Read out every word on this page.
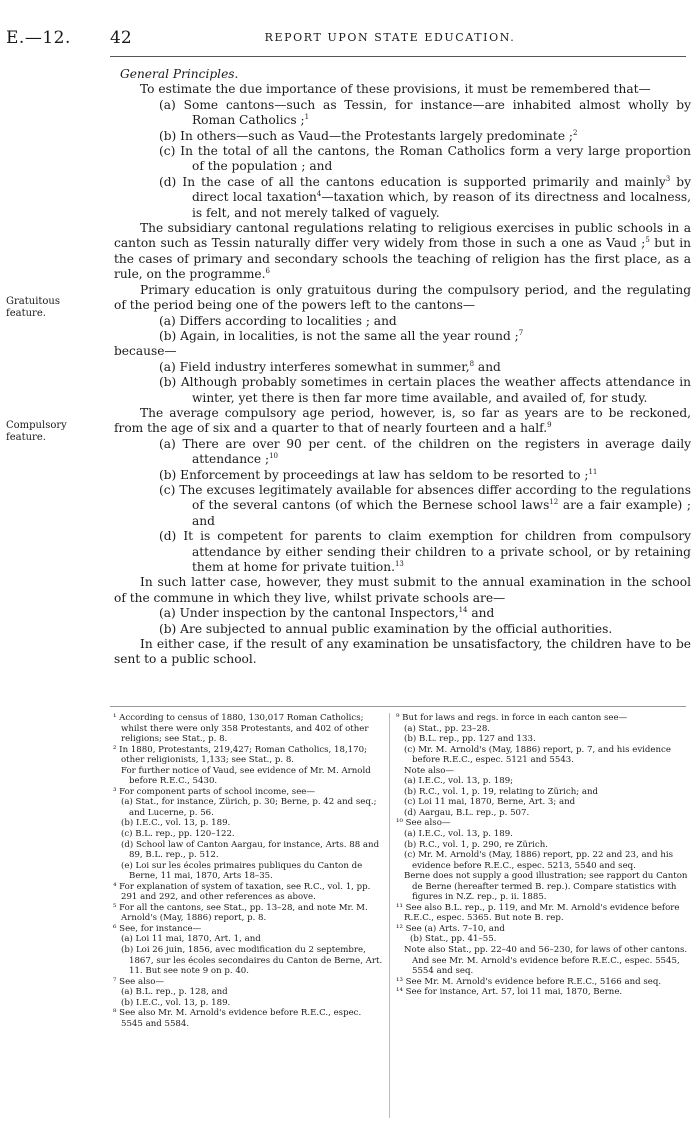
E.—12. 42	REPORT UPON STATE EDUCATION.
Gratuitous feature.
Compulsory feature.

General Principles.

To estimate the due importance of these provisions, it must be remembered that—

(a) Some cantons—such as Tessin, for instance—are inhabited almost wholly by Roman Catholics ;$^1$

(b) In others—such as Vaud—the Protestants largely predominate ;$^2$

(c) In the total of all the cantons, the Roman Catholics form a very large proportion of the population ; and

(d) In the case of all the cantons education is supported primarily and mainly$^3$ by direct local taxation$^4$—taxation which, by reason of its directness and localness, is felt, and not merely talked of vaguely.

The subsidiary cantonal regulations relating to religious exercises in public schools in a canton such as Tessin naturally differ very widely from those in such a one as Vaud ;$^5$ but in the cases of primary and secondary schools the teaching of religion has the first place, as a rule, on the programme.$^6$

Primary education is only gratuitous during the compulsory period, and the regulating of the period being one of the powers left to the cantons—

(a) Differs according to localities ; and

(b) Again, in localities, is not the same all the year round ;$^7$

because—

(a) Field industry interferes somewhat in summer,$^8$ and

(b) Although probably sometimes in certain places the weather affects attendance in winter, yet there is then far more time available, and availed of, for study.

The average compulsory age period, however, is, so far as years are to be reckoned, from the age of six and a quarter to that of nearly fourteen and a half.$^9$

(a) There are over 90 per cent. of the children on the registers in average daily attendance ;$^{10}$

(b) Enforcement by proceedings at law has seldom to be resorted to ;$^{11}$

(c) The excuses legitimately available for absences differ according to the regulations of the several cantons (of which the Bernese school laws$^{12}$ are a fair example) ; and

(d) It is competent for parents to claim exemption for children from compulsory attendance by either sending their children to a private school, or by retaining them at home for private tuition.$^{13}$

In such latter case, however, they must submit to the annual examination in the school of the commune in which they live, whilst private schools are—

(a) Under inspection by the cantonal Inspectors,$^{14}$ and

(b) Are subjected to annual public examination by the official authorities.

In either case, if the result of any examination be unsatisfactory, the children have to be sent to a public school.

¹ According to census of 1880, 130,017 Roman Catholics; whilst there were only 358 Protestants, and 402 of other religions; see Stat., p. 8.

² In 1880, Protestants, 219,427; Roman Catholics, 18,170; other religionists, 1,133; see Stat., p. 8.

For further notice of Vaud, see evidence of Mr. M. Arnold before R.E.C., 5430.

³ For component parts of school income, see—

(a) Stat., for instance, Zürich, p. 30; Berne, p. 42 and seq.; and Lucerne, p. 56.

(b) I.E.C., vol. 13, p. 189.

(c) B.L. rep., pp. 120–122.

(d) School law of Canton Aargau, for instance, Arts. 88 and 89, B.L. rep., p. 512.

(e) Loi sur les écoles primaires publiques du Canton de Berne, 11 mai, 1870, Arts 18–35.

⁴ For explanation of system of taxation, see R.C., vol. 1, pp. 291 and 292, and other references as above.

⁵ For all the cantons, see Stat., pp. 13–28, and note Mr. M. Arnold's (May, 1886) report, p. 8.

⁶ See, for instance—

(a) Loi 11 mai, 1870, Art. 1, and

(b) Loi 26 juin, 1856, avec modification du 2 septembre, 1867, sur les écoles secondaires du Canton de Berne, Art. 11. But see note 9 on p. 40.

⁷ See also—

(a) B.L. rep., p. 128, and

(b) I.E.C., vol. 13, p. 189.

⁸ See also Mr. M. Arnold's evidence before R.E.C., espec. 5545 and 5584.

⁹ But for laws and regs. in force in each canton see—

(a) Stat., pp. 23–28.

(b) B.L. rep., pp. 127 and 133.

(c) Mr. M. Arnold's (May, 1886) report, p. 7, and his evidence before R.E.C., espec. 5121 and 5543.

Note also—

(a) I.E.C., vol. 13, p. 189;

(b) R.C., vol. 1, p. 19, relating to Zürich; and

(c) Loi 11 mai, 1870, Berne, Art. 3; and

(d) Aargau, B.L. rep., p. 507.

¹⁰ See also—

(a) I.E.C., vol. 13, p. 189.

(b) R.C., vol. 1, p. 290, re Zürich.

(c) Mr. M. Arnold's (May, 1886) report, pp. 22 and 23, and his evidence before R.E.C., espec. 5213, 5540 and seq.

Berne does not supply a good illustration; see rapport du Canton de Berne (hereafter termed B. rep.). Compare statistics with figures in N.Z. rep., p. ii. 1885.

¹¹ See also B.L. rep., p. 119, and Mr. M. Arnold's evidence before R.E.C., espec. 5365. But note B. rep.

¹² See (a) Arts. 7–10, and

(b) Stat., pp. 41–55.

Note also Stat., pp. 22–40 and 56–230, for laws of other cantons. And see Mr. M. Arnold's evidence before R.E.C., espec. 5545, 5554 and seq.

¹³ See Mr. M. Arnold's evidence before R.E.C., 5166 and seq.

¹⁴ See for instance, Art. 57, loi 11 mai, 1870, Berne.
